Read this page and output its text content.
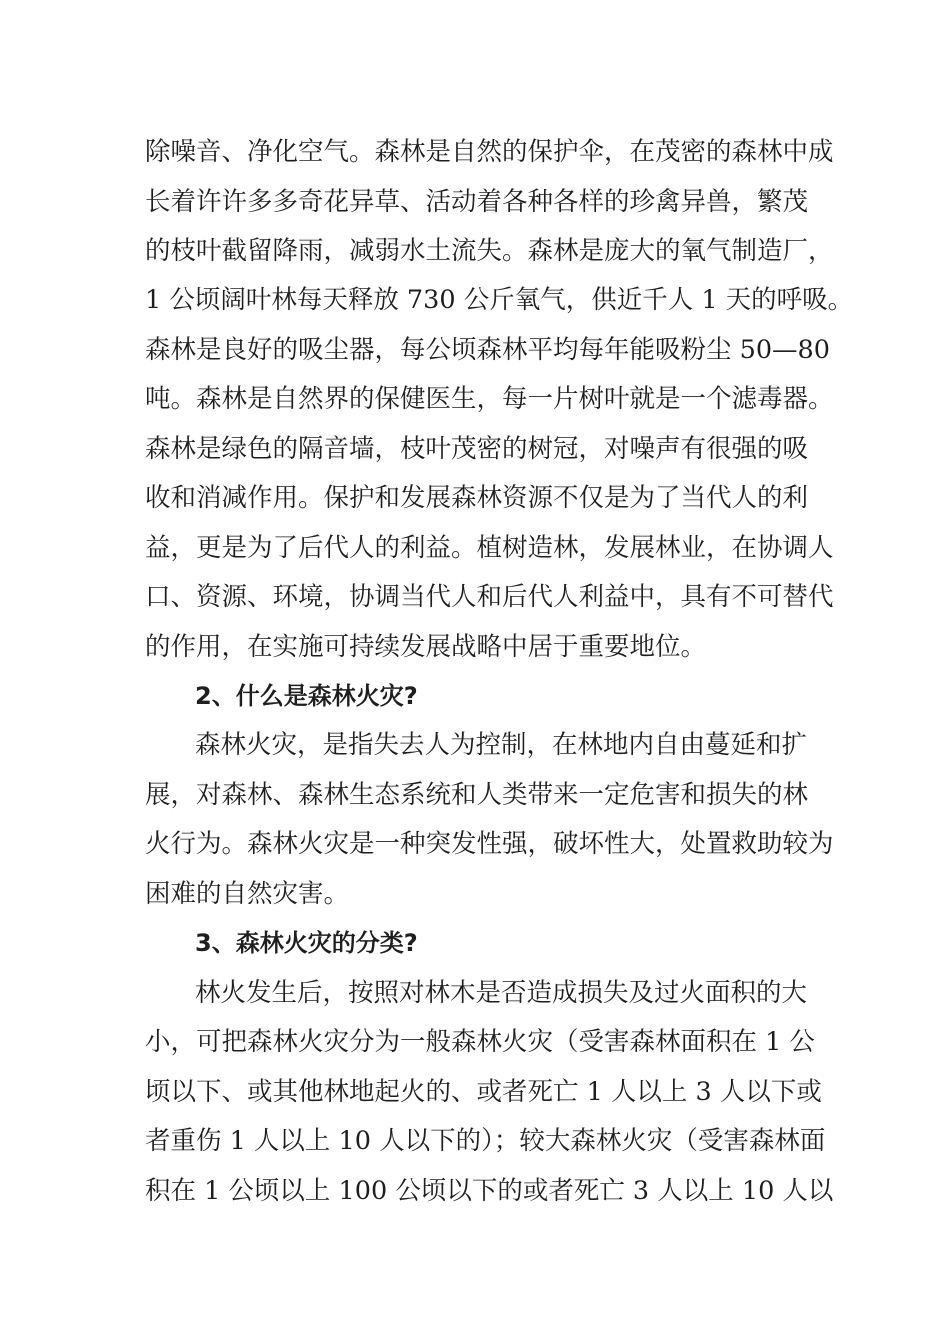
除噪音、净化空气。森林是自然的保护伞，在茂密的森林中成
长着许许多多奇花异草、活动着各种各样的珍禽异兽，繁茂
的枝叶截留降雨，减弱水土流失。森林是庞大的氧气制造厂，
1 公顷阔叶林每天释放 730 公斤氧气，供近千人 1 天的呼吸。
森林是良好的吸尘器，每公顷森林平均每年能吸粉尘 50—80
吨。森林是自然界的保健医生，每一片树叶就是一个滤毒器。
森林是绿色的隔音墙，枝叶茂密的树冠，对噪声有很强的吸
收和消减作用。保护和发展森林资源不仅是为了当代人的利
益，更是为了后代人的利益。植树造林，发展林业，在协调人
口、资源、环境，协调当代人和后代人利益中，具有不可替代
的作用，在实施可持续发展战略中居于重要地位。
2、什么是森林火灾?
森林火灾，是指失去人为控制，在林地内自由蔓延和扩
展，对森林、森林生态系统和人类带来一定危害和损失的林
火行为。森林火灾是一种突发性强，破坏性大，处置救助较为
困难的自然灾害。
3、森林火灾的分类?
林火发生后，按照对林木是否造成损失及过火面积的大
小，可把森林火灾分为一般森林火灾（受害森林面积在 1 公
顷以下、或其他林地起火的、或者死亡 1 人以上 3 人以下或
者重伤 1 人以上 10 人以下的）；较大森林火灾（受害森林面
积在 1 公顷以上 100 公顷以下的或者死亡 3 人以上 10 人以
